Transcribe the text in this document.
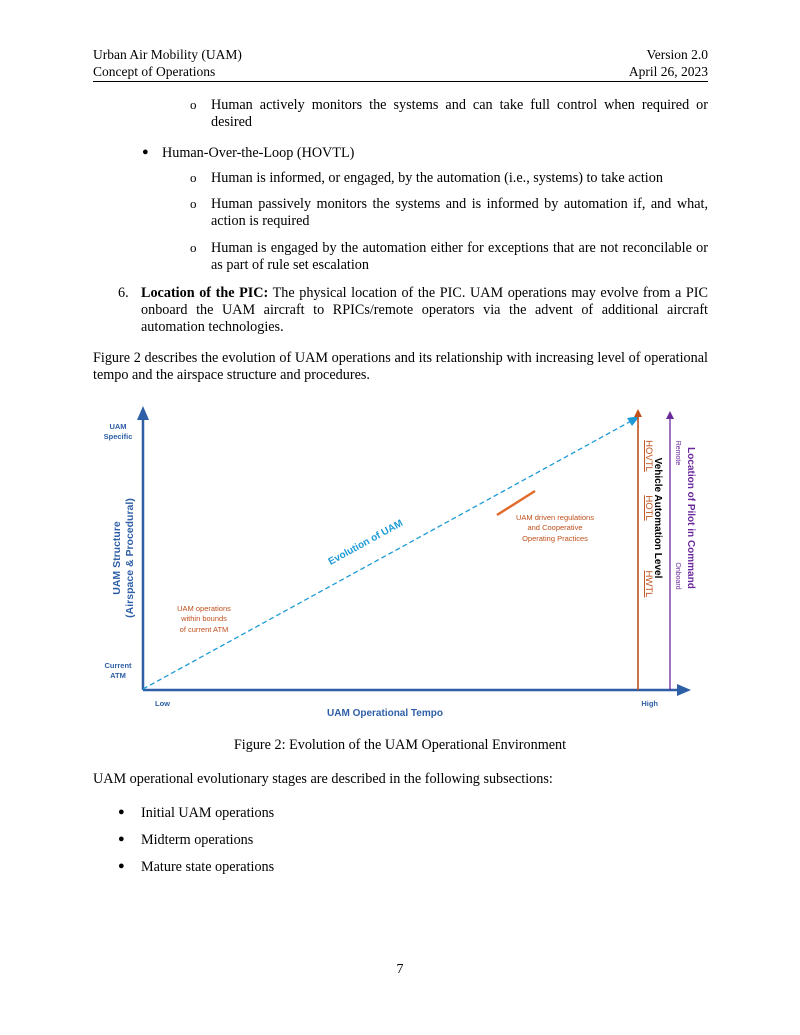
Urban Air Mobility (UAM)
Concept of Operations
Version 2.0
April 26, 2023
o Human actively monitors the systems and can take full control when required or desired
● Human-Over-the-Loop (HOVTL)
o Human is informed, or engaged, by the automation (i.e., systems) to take action
o Human passively monitors the systems and is informed by automation if, and what, action is required
o Human is engaged by the automation either for exceptions that are not reconcilable or as part of rule set escalation
6. Location of the PIC: The physical location of the PIC. UAM operations may evolve from a PIC onboard the UAM aircraft to RPICs/remote operators via the advent of additional aircraft automation technologies.
Figure 2 describes the evolution of UAM operations and its relationship with increasing level of operational tempo and the airspace structure and procedures.
UAM
Specific
Current
ATM
UAM Structure (Airspace & Procedural)
Low	High
UAM Operational Tempo
Evolution of UAM
UAM operations
within bounds
of current ATM
UAM driven regulations
and Cooperative
Operating Practices
HOVTL
HOTL
HWTL
Vehicle Automation Level
Remote
Onboard Location of Pilot in Command
Figure 2: Evolution of the UAM Operational Environment
UAM operational evolutionary stages are described in the following subsections:
● Initial UAM operations
● Midterm operations
● Mature state operations
7
